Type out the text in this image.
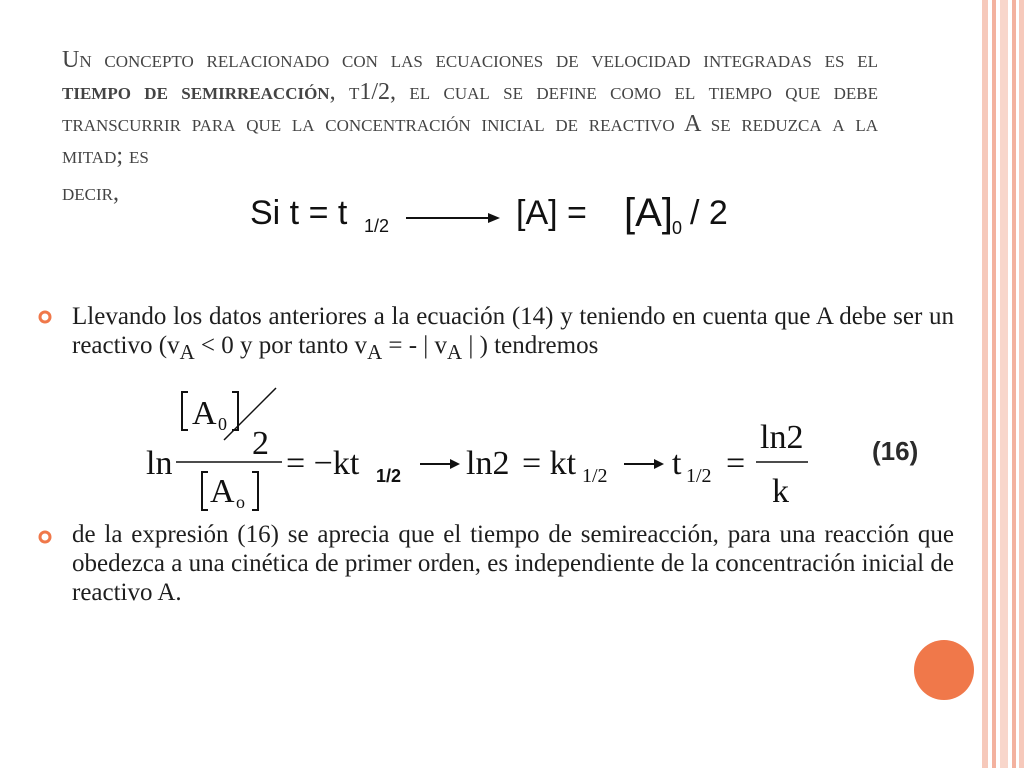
Un concepto relacionado con las ecuaciones de velocidad integradas es el tiempo de semirreacción, t1/2, el cual se define como el tiempo que debe transcurrir para que la concentración inicial de reactivo A se reduzca a la mitad; es
decir,
Si t = t 1/2	[A] = [A] 0 / 2
Llevando los datos anteriores a la ecuación (14) y teniendo en cuenta que A debe ser un reactivo ($v_A < 0$ y por tanto $v_A$ = - | $v_A$ | ) tendremos
ln
A 0
2
A o
= −kt 1/2 ln2 = kt 1/2 t 1/2 =
ln2
k
(16)
de la expresión (16) se aprecia que el tiempo de semireacción, para una reacción que obedezca a una cinética de primer orden, es independiente de la concentración inicial de reactivo A.
